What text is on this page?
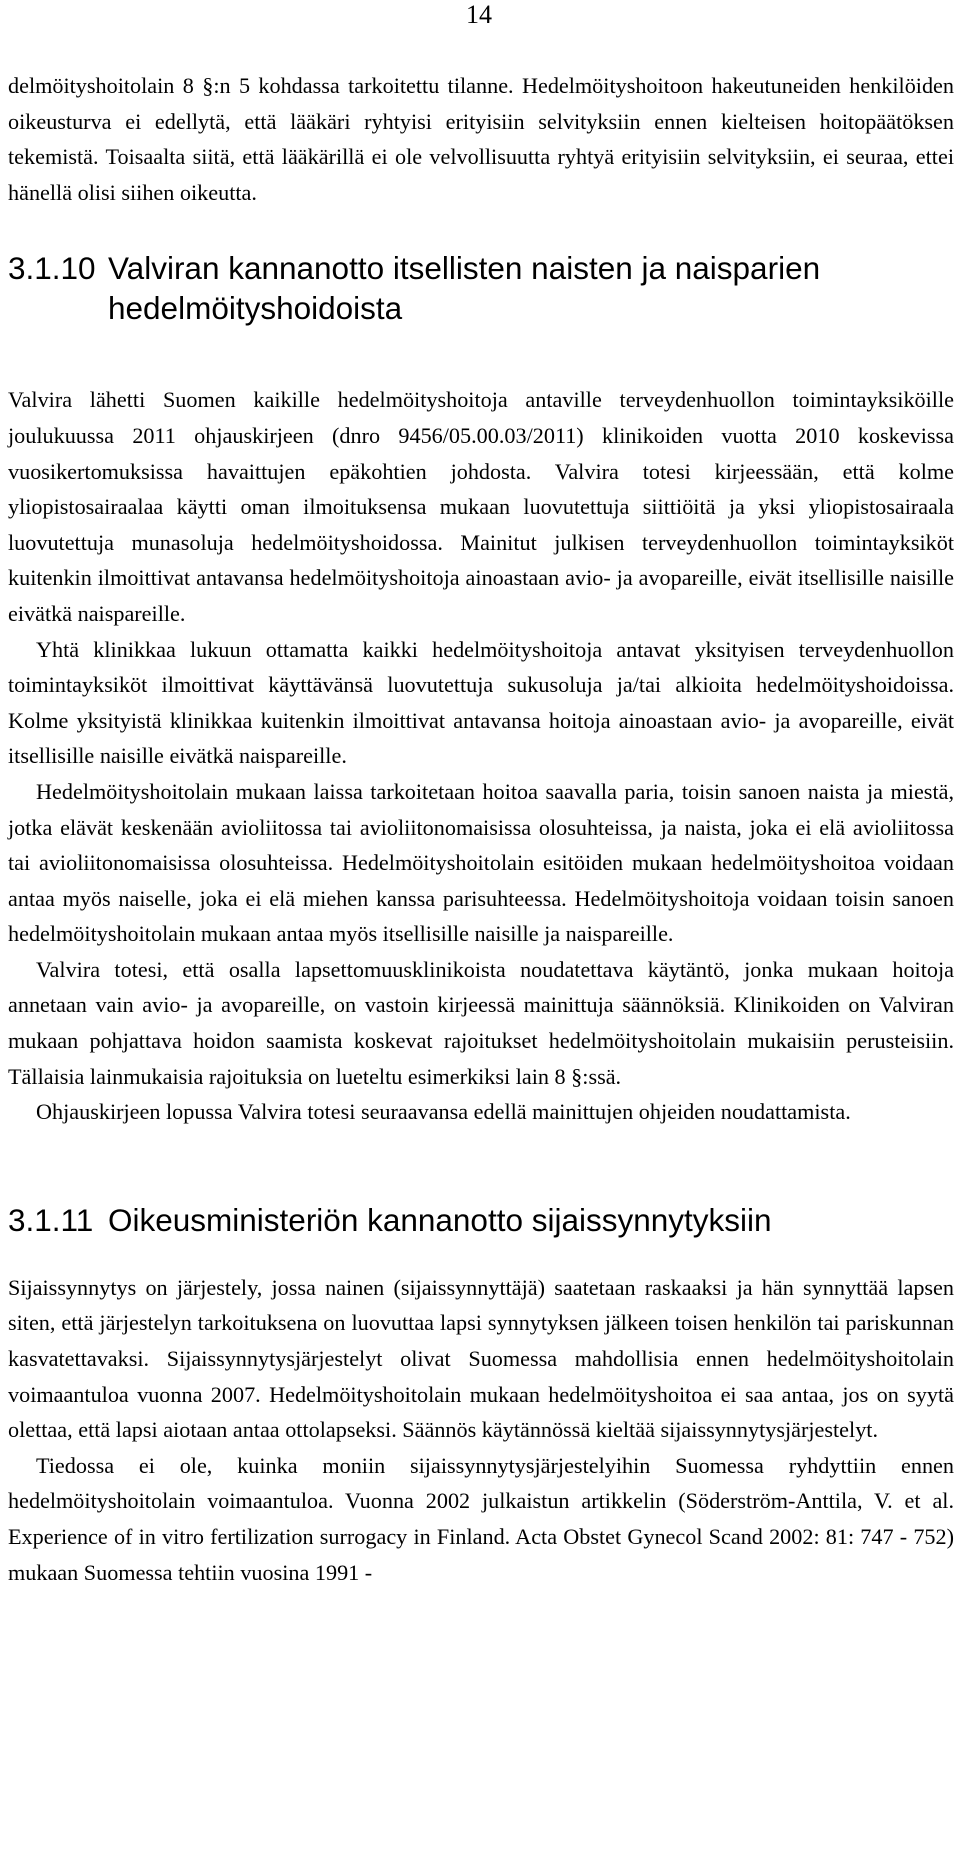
14

delmöityshoitolain 8 §:n 5 kohdassa tarkoitettu tilanne. Hedelmöityshoitoon hakeutuneiden henkilöiden oikeusturva ei edellytä, että lääkäri ryhtyisi erityisiin selvityksiin ennen kielteisen hoitopäätöksen tekemistä. Toisaalta siitä, että lääkärillä ei ole velvollisuutta ryhtyä erityisiin selvityksiin, ei seuraa, ettei hänellä olisi siihen oikeutta.

3.1.10 Valviran kannanotto itsellisten naisten ja naisparien hedelmöityshoidoista

Valvira lähetti Suomen kaikille hedelmöityshoitoja antaville terveydenhuollon toimintayksiköille joulukuussa 2011 ohjauskirjeen (dnro 9456/05.00.03/2011) klinikoiden vuotta 2010 koskevissa vuosikertomuksissa havaittujen epäkohtien johdosta. Valvira totesi kirjeessään, että kolme yliopistosairaalaa käytti oman ilmoituksensa mukaan luovutettuja siittiöitä ja yksi yliopistosairaala luovutettuja munasoluja hedelmöityshoidossa. Mainitut julkisen terveydenhuollon toimintayksiköt kuitenkin ilmoittivat antavansa hedelmöityshoitoja ainoastaan avio- ja avopareille, eivät itsellisille naisille eivätkä naispareille.

Yhtä klinikkaa lukuun ottamatta kaikki hedelmöityshoitoja antavat yksityisen terveydenhuollon toimintayksiköt ilmoittivat käyttävänsä luovutettuja sukusoluja ja/tai alkioita hedelmöityshoidoissa. Kolme yksityistä klinikkaa kuitenkin ilmoittivat antavansa hoitoja ainoastaan avio- ja avopareille, eivät itsellisille naisille eivätkä naispareille.

Hedelmöityshoitolain mukaan laissa tarkoitetaan hoitoa saavalla paria, toisin sanoen naista ja miestä, jotka elävät keskenään avioliitossa tai avioliitonomaisissa olosuhteissa, ja naista, joka ei elä avioliitossa tai avioliitonomaisissa olosuhteissa. Hedelmöityshoitolain esitöiden mukaan hedelmöityshoitoa voidaan antaa myös naiselle, joka ei elä miehen kanssa parisuhteessa. Hedelmöityshoitoja voidaan toisin sanoen hedelmöityshoitolain mukaan antaa myös itsellisille naisille ja naispareille.

Valvira totesi, että osalla lapsettomuusklinikoista noudatettava käytäntö, jonka mukaan hoitoja annetaan vain avio- ja avopareille, on vastoin kirjeessä mainittuja säännöksiä. Klinikoiden on Valviran mukaan pohjattava hoidon saamista koskevat rajoitukset hedelmöityshoitolain mukaisiin perusteisiin. Tällaisia lainmukaisia rajoituksia on lueteltu esimerkiksi lain 8 §:ssä.

Ohjauskirjeen lopussa Valvira totesi seuraavansa edellä mainittujen ohjeiden noudattamista.

3.1.11 Oikeusministeriön kannanotto sijaissynnytyksiin

Sijaissynnytys on järjestely, jossa nainen (sijaissynnyttäjä) saatetaan raskaaksi ja hän synnyttää lapsen siten, että järjestelyn tarkoituksena on luovuttaa lapsi synnytyksen jälkeen toisen henkilön tai pariskunnan kasvatettavaksi. Sijaissynnytysjärjestelyt olivat Suomessa mahdollisia ennen hedelmöityshoitolain voimaantuloa vuonna 2007. Hedelmöityshoitolain mukaan hedelmöityshoitoa ei saa antaa, jos on syytä olettaa, että lapsi aiotaan antaa ottolapseksi. Säännös käytännössä kieltää sijaissynnytysjärjestelyt.

Tiedossa ei ole, kuinka moniin sijaissynnytysjärjestelyihin Suomessa ryhdyttiin ennen hedelmöityshoitolain voimaantuloa. Vuonna 2002 julkaistun artikkelin (Söderström-Anttila, V. et al. Experience of in vitro fertilization surrogacy in Finland. Acta Obstet Gynecol Scand 2002: 81: 747 - 752) mukaan Suomessa tehtiin vuosina 1991 -
